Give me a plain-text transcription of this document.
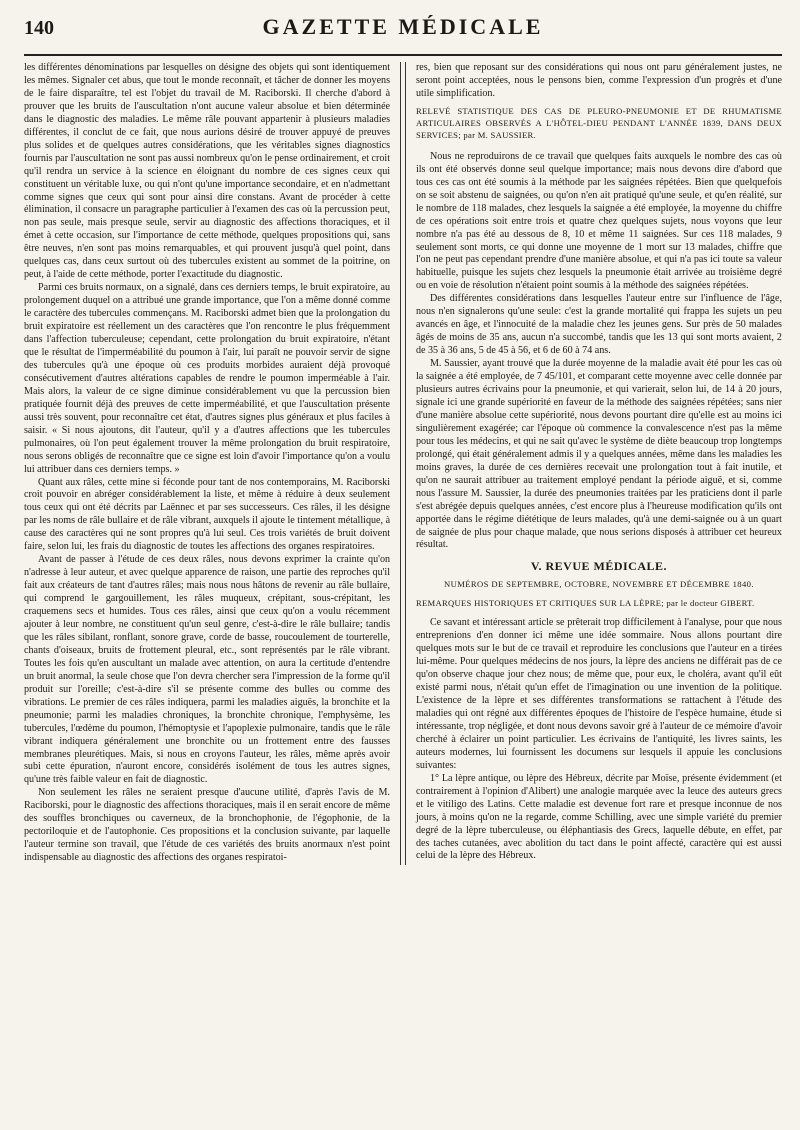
140	GAZETTE MÉDICALE

les différentes dénominations par lesquelles on désigne des objets qui sont identiquement les mêmes. Signaler cet abus, que tout le monde reconnaît, et tâcher de donner les moyens de le faire disparaître, tel est l'objet du travail de M. Raciborski. Il cherche d'abord à prouver que les bruits de l'auscultation n'ont aucune valeur absolue et bien déterminée dans le diagnostic des maladies. Le même râle pouvant appartenir à plusieurs maladies différentes, il conclut de ce fait, que nous aurions désiré de trouver appuyé de preuves plus solides et de quelques autres considérations, que les véritables signes diagnostics fournis par l'auscultation ne sont pas aussi nombreux qu'on le pense ordinairement, et croit qu'il rendra un service à la science en éloignant du nombre de ces signes ceux qui constituent un véritable luxe, ou qui n'ont qu'une importance secondaire, et en n'admettant comme signes que ceux qui sont pour ainsi dire constans. Avant de procéder à cette élimination, il consacre un paragraphe particulier à l'examen des cas où la percussion peut, non pas seule, mais presque seule, servir au diagnostic des affections thoraciques, et il émet à cette occasion, sur l'importance de cette méthode, quelques propositions qui, sans être neuves, n'en sont pas moins remarquables, et qui prouvent jusqu'à quel point, dans quelques cas, dans ceux surtout où des tubercules existent au sommet de la poitrine, on peut, à l'aide de cette méthode, porter l'exactitude du diagnostic.

Parmi ces bruits normaux, on a signalé, dans ces derniers temps, le bruit expiratoire, au prolongement duquel on a attribué une grande importance, que l'on a même donné comme le caractère des tubercules commençans. M. Raciborski admet bien que la prolongation du bruit expiratoire est réellement un des caractères que l'on rencontre le plus fréquemment dans l'affection tuberculeuse; cependant, cette prolongation du bruit expiratoire, n'étant que le résultat de l'imperméabilité du poumon à l'air, lui paraît ne pouvoir servir de signe des tubercules qu'à une époque où ces produits morbides auraient déjà provoqué consécutivement d'autres altérations capables de rendre le poumon imperméable à l'air. Mais alors, la valeur de ce signe diminue considérablement vu que la percussion bien pratiquée fournit déjà des preuves de cette imperméabilité, et que l'auscultation présente aussi très souvent, pour reconnaître cet état, d'autres signes plus généraux et plus faciles à saisir. « Si nous ajoutons, dit l'auteur, qu'il y a d'autres affections que les tubercules pulmonaires, où l'on peut également trouver la même prolongation du bruit respiratoire, nous serons obligés de reconnaître que ce signe est loin d'avoir l'importance qu'on a voulu lui attribuer dans ces derniers temps. »

Quant aux râles, cette mine si féconde pour tant de nos contemporains, M. Raciborski croit pouvoir en abréger considérablement la liste, et même à réduire à deux seulement tous ceux qui ont été décrits par Laënnec et par ses successeurs. Ces râles, il les désigne par les noms de râle bullaire et de râle vibrant, auxquels il ajoute le tintement métallique, à cause des caractères qui ne sont propres qu'à lui seul. Ces trois variétés de bruit doivent faire, selon lui, les frais du diagnostic de toutes les affections des organes respiratoires.

Avant de passer à l'étude de ces deux râles, nous devons exprimer la crainte qu'on n'adresse à leur auteur, et avec quelque apparence de raison, une partie des reproches qu'il fait aux créateurs de tant d'autres râles; mais nous nous hâtons de revenir au râle bullaire, qui comprend le gargouillement, les râles muqueux, crépitant, sous-crépitant, les craquemens secs et humides. Tous ces râles, ainsi que ceux qu'on a voulu récemment ajouter à leur nombre, ne constituent qu'un seul genre, c'est-à-dire le râle bullaire; tandis que les râles sibilant, ronflant, sonore grave, corde de basse, roucoulement de tourterelle, chants d'oiseaux, bruits de frottement pleural, etc., sont représentés par le râle vibrant. Toutes les fois qu'en auscultant un malade avec attention, on aura la certitude d'entendre un bruit anormal, la seule chose que l'on devra chercher sera l'impression de la forme qu'il produit sur l'oreille; c'est-à-dire s'il se présente comme des bulles ou comme des vibrations. Le premier de ces râles indiquera, parmi les maladies aiguës, la bronchite et la pneumonie; parmi les maladies chroniques, la bronchite chronique, l'emphysème, les tubercules, l'œdème du poumon, l'hémoptysie et l'apoplexie pulmonaire, tandis que le râle vibrant indiquera généralement une bronchite ou un frottement entre des fausses membranes pleurétiques. Mais, si nous en croyons l'auteur, les râles, même après avoir subi cette épuration, n'auront encore, considérés isolément de tous les autres signes, qu'une très faible valeur en fait de diagnostic.

Non seulement les râles ne seraient presque d'aucune utilité, d'après l'avis de M. Raciborski, pour le diagnostic des affections thoraciques, mais il en serait encore de même des souffles bronchiques ou caverneux, de la bronchophonie, de l'égophonie, de la pectoriloquie et de l'autophonie. Ces propositions et la conclusion suivante, par laquelle l'auteur termine son travail, que l'étude de ces variétés des bruits anormaux n'est point indispensable au diagnostic des affections des organes respiratoi-

res, bien que reposant sur des considérations qui nous ont paru généralement justes, ne seront point acceptées, nous le pensons bien, comme l'expression d'un progrès et d'une utile simplification.

RELEVÉ STATISTIQUE DES CAS DE PLEURO-PNEUMONIE ET DE RHUMATISME ARTICULAIRES OBSERVÉS A L'HÔTEL-DIEU PENDANT L'ANNÉE 1839, DANS DEUX SERVICES; par M. SAUSSIER.

Nous ne reproduirons de ce travail que quelques faits auxquels le nombre des cas où ils ont été observés donne seul quelque importance; mais nous devons dire d'abord que tous ces cas ont été soumis à la méthode par les saignées répétées. Bien que quelquefois on se soit abstenu de saignées, ou qu'on n'en ait pratiqué qu'une seule, et qu'en réalité, sur le nombre de 118 malades, chez lesquels la saignée a été employée, la moyenne du chiffre de ces opérations soit entre trois et quatre chez quelques sujets, nous voyons que leur nombre n'a pas été au dessous de 8, 10 et même 11 saignées. Sur ces 118 malades, 9 seulement sont morts, ce qui donne une moyenne de 1 mort sur 13 malades, chiffre que l'on ne peut pas cependant prendre d'une manière absolue, et qui n'a pas ici toute sa valeur habituelle, puisque les sujets chez lesquels la pneumonie était arrivée au troisième degré ou en voie de résolution n'étaient point soumis à la méthode des saignées répétées.

Des différentes considérations dans lesquelles l'auteur entre sur l'influence de l'âge, nous n'en signalerons qu'une seule: c'est la grande mortalité qui frappa les sujets un peu avancés en âge, et l'innocuité de la maladie chez les jeunes gens. Sur près de 50 malades âgés de moins de 35 ans, aucun n'a succombé, tandis que les 13 qui sont morts avaient, 2 de 35 à 36 ans, 5 de 45 à 56, et 6 de 60 à 74 ans.

M. Saussier, ayant trouvé que la durée moyenne de la maladie avait été pour les cas où la saignée a été employée, de 7 45/101, et comparant cette moyenne avec celle donnée par plusieurs autres écrivains pour la pneumonie, et qui varierait, selon lui, de 14 à 20 jours, signale ici une grande supériorité en faveur de la méthode des saignées répétées; sans nier d'une manière absolue cette supériorité, nous devons pourtant dire qu'elle est au moins ici singulièrement exagérée; car l'époque où commence la convalescence n'est pas la même pour tous les médecins, et qui ne sait qu'avec le système de diète beaucoup trop longtemps prolongé, qui était généralement admis il y a quelques années, même dans les maladies les moins graves, la durée de ces dernières recevait une prolongation tout à fait inutile, et qu'on ne saurait attribuer au traitement employé pendant la période aiguë, et si, comme nous l'assure M. Saussier, la durée des pneumonies traitées par les praticiens dont il parle s'est abrégée depuis quelques années, c'est encore plus à l'heureuse modification qu'ils ont apportée dans le régime diététique de leurs malades, qu'à une demi-saignée ou à un quart de saignée de plus pour chaque malade, que nous serions disposés à attribuer cet heureux résultat.

V. REVUE MÉDICALE.
NUMÉROS DE SEPTEMBRE, OCTOBRE, NOVEMBRE ET DÉCEMBRE 1840.
REMARQUES HISTORIQUES ET CRITIQUES SUR LA LÈPRE; par le docteur GIBERT.

Ce savant et intéressant article se prêterait trop difficilement à l'analyse, pour que nous entreprenions d'en donner ici même une idée sommaire. Nous allons pourtant dire quelques mots sur le but de ce travail et reproduire les conclusions que l'auteur en a tirées lui-même. Pour quelques médecins de nos jours, la lèpre des anciens ne différait pas de ce qu'on observe chaque jour chez nous; de même que, pour eux, le choléra, avant qu'il eût existé parmi nous, n'était qu'un effet de l'imagination ou une invention de la politique. L'existence de la lèpre et ses différentes transformations se rattachent à l'étude des maladies qui ont régné aux différentes époques de l'histoire de l'espèce humaine, étude si intéressante, trop négligée, et dont nous devons savoir gré à l'auteur de ce mémoire d'avoir cherché à éclairer un point particulier. Les écrivains de l'antiquité, les livres saints, les auteurs modernes, lui fournissent les documens sur lesquels il appuie les conclusions suivantes:

1° La lèpre antique, ou lèpre des Hébreux, décrite par Moïse, présente évidemment (et contrairement à l'opinion d'Alibert) une analogie marquée avec la leuce des auteurs grecs et le vitiligo des Latins. Cette maladie est devenue fort rare et presque inconnue de nos jours, à moins qu'on ne la regarde, comme Schilling, avec une simple variété du premier degré de la lèpre tuberculeuse, ou éléphantiasis des Grecs, laquelle débute, en effet, par des taches cutanées, avec abolition du tact dans le point affecté, caractère qui est aussi celui de la lèpre des Hébreux.
